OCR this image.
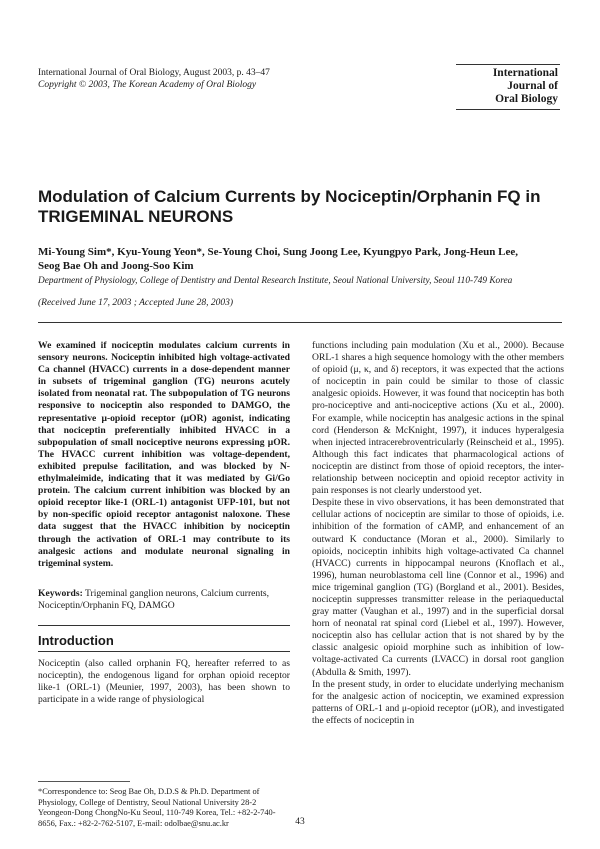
International Journal of Oral Biology, August 2003, p. 43–47
Copyright © 2003, The Korean Academy of Oral Biology
International
Journal of
Oral Biology
Modulation of Calcium Currents by Nociceptin/Orphanin FQ in
TRIGEMINAL NEURONS
Mi-Young Sim*, Kyu-Young Yeon*, Se-Young Choi, Sung Joong Lee, Kyungpyo Park, Jong-Heun Lee,
Seog Bae Oh and Joong-Soo Kim
Department of Physiology, College of Dentistry and Dental Research Institute, Seoul National University, Seoul 110-749 Korea
(Received June 17, 2003 ; Accepted June 28, 2003)
We examined if nociceptin modulates calcium currents in sensory neurons. Nociceptin inhibited high voltage-activated Ca channel (HVACC) currents in a dose-dependent manner in subsets of trigeminal ganglion (TG) neurons acutely isolated from neonatal rat. The subpopulation of TG neurons responsive to nociceptin also responded to DAMGO, the representative μ-opioid receptor (μOR) agonist, indicating that nociceptin preferentially inhibited HVACC in a subpopulation of small nociceptive neurons expressing μOR. The HVACC current inhibition was voltage-dependent, exhibited prepulse facilitation, and was blocked by N-ethylmaleimide, indicating that it was mediated by Gi/Go protein. The calcium current inhibition was blocked by an opioid receptor like-1 (ORL-1) antagonist UFP-101, but not by non-specific opioid receptor antagonist naloxone. These data suggest that the HVACC inhibition by nociceptin through the activation of ORL-1 may contribute to its analgesic actions and modulate neuronal signaling in trigeminal system.
Keywords: Trigeminal ganglion neurons, Calcium currents, Nociceptin/Orphanin FQ, DAMGO
Introduction
Nociceptin (also called orphanin FQ, hereafter referred to as nociceptin), the endogenous ligand for orphan opioid receptor like-1 (ORL-1) (Meunier, 1997, 2003), has been shown to participate in a wide range of physiological
*Correspondence to: Seog Bae Oh, D.D.S & Ph.D. Department of Physiology, College of Dentistry, Seoul National University 28-2 Yeongeon-Dong ChongNo-Ku Seoul, 110-749 Korea, Tel.: +82-2-740-8656, Fax.: +82-2-762-5107, E-mail: odolbae@snu.ac.kr

functions including pain modulation (Xu et al., 2000). Because ORL-1 shares a high sequence homology with the other members of opioid (μ, κ, and δ) receptors, it was expected that the actions of nociceptin in pain could be similar to those of classic analgesic opioids. However, it was found that nociceptin has both pro-nociceptive and anti-nociceptive actions (Xu et al., 2000). For example, while nociceptin has analgesic actions in the spinal cord (Henderson & McKnight, 1997), it induces hyperalgesia when injected intracerebroventricularly (Reinscheid et al., 1995). Although this fact indicates that pharmacological actions of nociceptin are distinct from those of opioid receptors, the inter-relationship between nociceptin and opioid receptor activity in pain responses is not clearly understood yet.

Despite these in vivo observations, it has been demonstrated that cellular actions of nociceptin are similar to those of opioids, i.e. inhibition of the formation of cAMP, and enhancement of an outward K conductance (Moran et al., 2000). Similarly to opioids, nociceptin inhibits high voltage-activated Ca channel (HVACC) currents in hippocampal neurons (Knoflach et al., 1996), human neuroblastoma cell line (Connor et al., 1996) and mice trigeminal ganglion (TG) (Borgland et al., 2001). Besides, nociceptin suppresses transmitter release in the periaqueductal gray matter (Vaughan et al., 1997) and in the superficial dorsal horn of neonatal rat spinal cord (Liebel et al., 1997). However, nociceptin also has cellular action that is not shared by by the classic analgesic opioid morphine such as inhibition of low-voltage-activated Ca currents (LVACC) in dorsal root ganglion (Abdulla & Smith, 1997).

In the present study, in order to elucidate underlying mechanism for the analgesic action of nociceptin, we examined expression patterns of ORL-1 and μ-opioid receptor (μOR), and investigated the effects of nociceptin in

43
